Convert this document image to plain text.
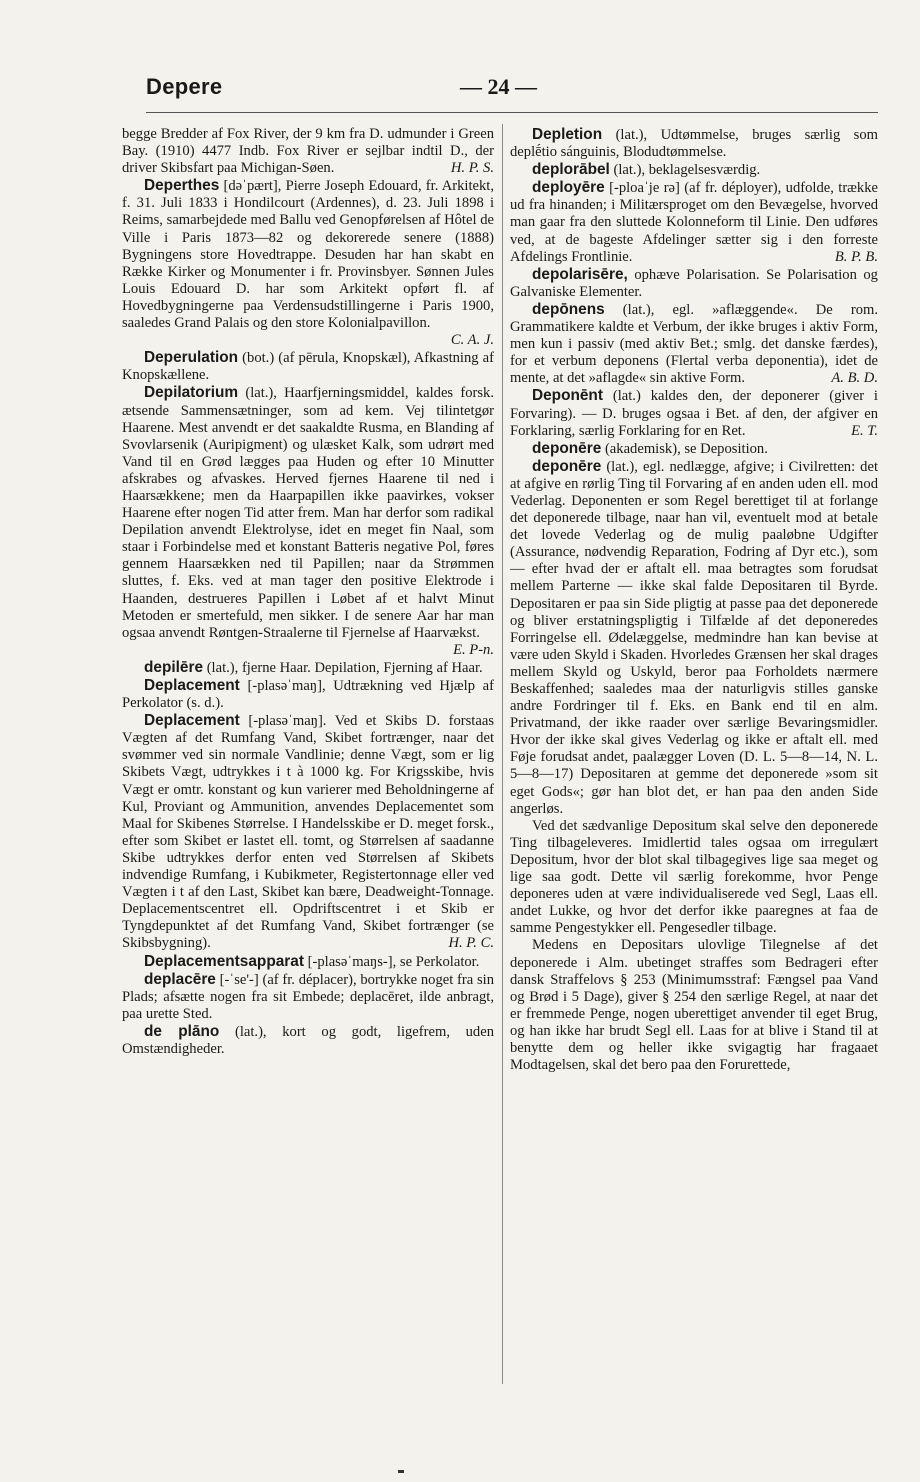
Depere	— 24 —

begge Bredder af Fox River, der 9 km fra D. udmunder i Green Bay. (1910) 4477 Indb. Fox River er sejlbar indtil D., der driver Skibsfart paa Michigan-Søen.	H. P. S.

Deperthes [dəˈpært], Pierre Joseph Edouard, fr. Arkitekt, f. 31. Juli 1833 i Hondilcourt (Ardennes), d. 23. Juli 1898 i Reims, samarbejdede med Ballu ved Genopførelsen af Hôtel de Ville i Paris 1873—82 og dekorerede senere (1888) Bygningens store Hovedtrappe. Desuden har han skabt en Række Kirker og Monumenter i fr. Provinsbyer. Sønnen Jules Louis Edouard D. har som Arkitekt opført fl. af Hovedbygningerne paa Verdensudstillingerne i Paris 1900, saaledes Grand Palais og den store Kolonialpavillon.
C. A. J.

Deperulation (bot.) (af pērula, Knopskæl), Afkastning af Knopskællene.

Depilatorium (lat.), Haarfjerningsmiddel, kaldes forsk. ætsende Sammensætninger, som ad kem. Vej tilintetgør Haarene. Mest anvendt er det saakaldte Rusma, en Blanding af Svovlarsenik (Auripigment) og ulæsket Kalk, som udrørt med Vand til en Grød lægges paa Huden og efter 10 Minutter afskrabes og afvaskes. Herved fjernes Haarene til ned i Haarsækkene; men da Haarpapillen ikke paavirkes, vokser Haarene efter nogen Tid atter frem. Man har derfor som radikal Depilation anvendt Elektrolyse, idet en meget fin Naal, som staar i Forbindelse med et konstant Batteris negative Pol, føres gennem Haarsækken ned til Papillen; naar da Strømmen sluttes, f. Eks. ved at man tager den positive Elektrode i Haanden, destrueres Papillen i Løbet af et halvt Minut Metoden er smertefuld, men sikker. I de senere Aar har man ogsaa anvendt Røntgen-Straalerne til Fjernelse af Haarvækst.
E. P-n.

depilēre (lat.), fjerne Haar. Depilation, Fjerning af Haar.

Deplacement [-plasəˈmaŋ], Udtrækning ved Hjælp af Perkolator (s. d.).

Deplacement [-plasəˈmaŋ]. Ved et Skibs D. forstaas Vægten af det Rumfang Vand, Skibet fortrænger, naar det svømmer ved sin normale Vandlinie; denne Vægt, som er lig Skibets Vægt, udtrykkes i t à 1000 kg. For Krigsskibe, hvis Vægt er omtr. konstant og kun varierer med Beholdningerne af Kul, Proviant og Ammunition, anvendes Deplacementet som Maal for Skibenes Størrelse. I Handelsskibe er D. meget forsk., efter som Skibet er lastet ell. tomt, og Størrelsen af saadanne Skibe udtrykkes derfor enten ved Størrelsen af Skibets indvendige Rumfang, i Kubikmeter, Registertonnage eller ved Vægten i t af den Last, Skibet kan bære, Deadweight-Tonnage. Deplacementscentret ell. Opdriftscentret i et Skib er Tyngdepunktet af det Rumfang Vand, Skibet fortrænger (se Skibsbygning).	H. P. C.

Deplacementsapparat [-plasəˈmaŋs-], se Perkolator.

deplacēre [-ˈse'-] (af fr. déplacer), bortrykke noget fra sin Plads; afsætte nogen fra sit Embede; deplacēret, ilde anbragt, paa urette Sted.

de plāno (lat.), kort og godt, ligefrem, uden Omstændigheder.

Depletion (lat.), Udtømmelse, bruges særlig som deplḗtio sánguinis, Blodudtømmelse.

deplorābel (lat.), beklagelsesværdig.

deployēre [-ploaˈje rə] (af fr. déployer), udfolde, trække ud fra hinanden; i Militærsproget om den Bevægelse, hvorved man gaar fra den sluttede Kolonneform til Linie. Den udføres ved, at de bageste Afdelinger sætter sig i den forreste Afdelings Frontlinie.	B. P. B.

depolarisēre, ophæve Polarisation. Se Polarisation og Galvaniske Elementer.

depōnens (lat.), egl. »aflæggende«. De rom. Grammatikere kaldte et Verbum, der ikke bruges i aktiv Form, men kun i passiv (med aktiv Bet.; smlg. det danske færdes), for et verbum deponens (Flertal verba deponentia), idet de mente, at det »aflagde« sin aktive Form.	A. B. D.

Deponēnt (lat.) kaldes den, der deponerer (giver i Forvaring). — D. bruges ogsaa i Bet. af den, der afgiver en Forklaring, særlig Forklaring for en Ret.	E. T.

deponēre (akademisk), se Deposition.

deponēre (lat.), egl. nedlægge, afgive; i Civilretten: det at afgive en rørlig Ting til Forvaring af en anden uden ell. mod Vederlag. Deponenten er som Regel berettiget til at forlange det deponerede tilbage, naar han vil, eventuelt mod at betale det lovede Vederlag og de mulig paaløbne Udgifter (Assurance, nødvendig Reparation, Fodring af Dyr etc.), som — efter hvad der er aftalt ell. maa betragtes som forudsat mellem Parterne — ikke skal falde Depositaren til Byrde. Depositaren er paa sin Side pligtig at passe paa det deponerede og bliver erstatningspligtig i Tilfælde af det deponeredes Forringelse ell. Ødelæggelse, medmindre han kan bevise at være uden Skyld i Skaden. Hvorledes Grænsen her skal drages mellem Skyld og Uskyld, beror paa Forholdets nærmere Beskaffenhed; saaledes maa der naturligvis stilles ganske andre Fordringer til f. Eks. en Bank end til en alm. Privatmand, der ikke raader over særlige Bevaringsmidler. Hvor der ikke skal gives Vederlag og ikke er aftalt ell. med Føje forudsat andet, paalægger Loven (D. L. 5—8—14, N. L. 5—8—17) Depositaren at gemme det deponerede »som sit eget Gods«; gør han blot det, er han paa den anden Side angerløs.

Ved det sædvanlige Depositum skal selve den deponerede Ting tilbageleveres. Imidlertid tales ogsaa om irregulært Depositum, hvor der blot skal tilbagegives lige saa meget og lige saa godt. Dette vil særlig forekomme, hvor Penge deponeres uden at være individualiserede ved Segl, Laas ell. andet Lukke, og hvor det derfor ikke paaregnes at faa de samme Pengestykker ell. Pengesedler tilbage.

Medens en Depositars ulovlige Tilegnelse af det deponerede i Alm. ubetinget straffes som Bedrageri efter dansk Straffelovs § 253 (Minimumsstraf: Fængsel paa Vand og Brød i 5 Dage), giver § 254 den særlige Regel, at naar det er fremmede Penge, nogen uberettiget anvender til eget Brug, og han ikke har brudt Segl ell. Laas for at blive i Stand til at benytte dem og heller ikke svigagtig har fragaaet Modtagelsen, skal det bero paa den Forurettede,
